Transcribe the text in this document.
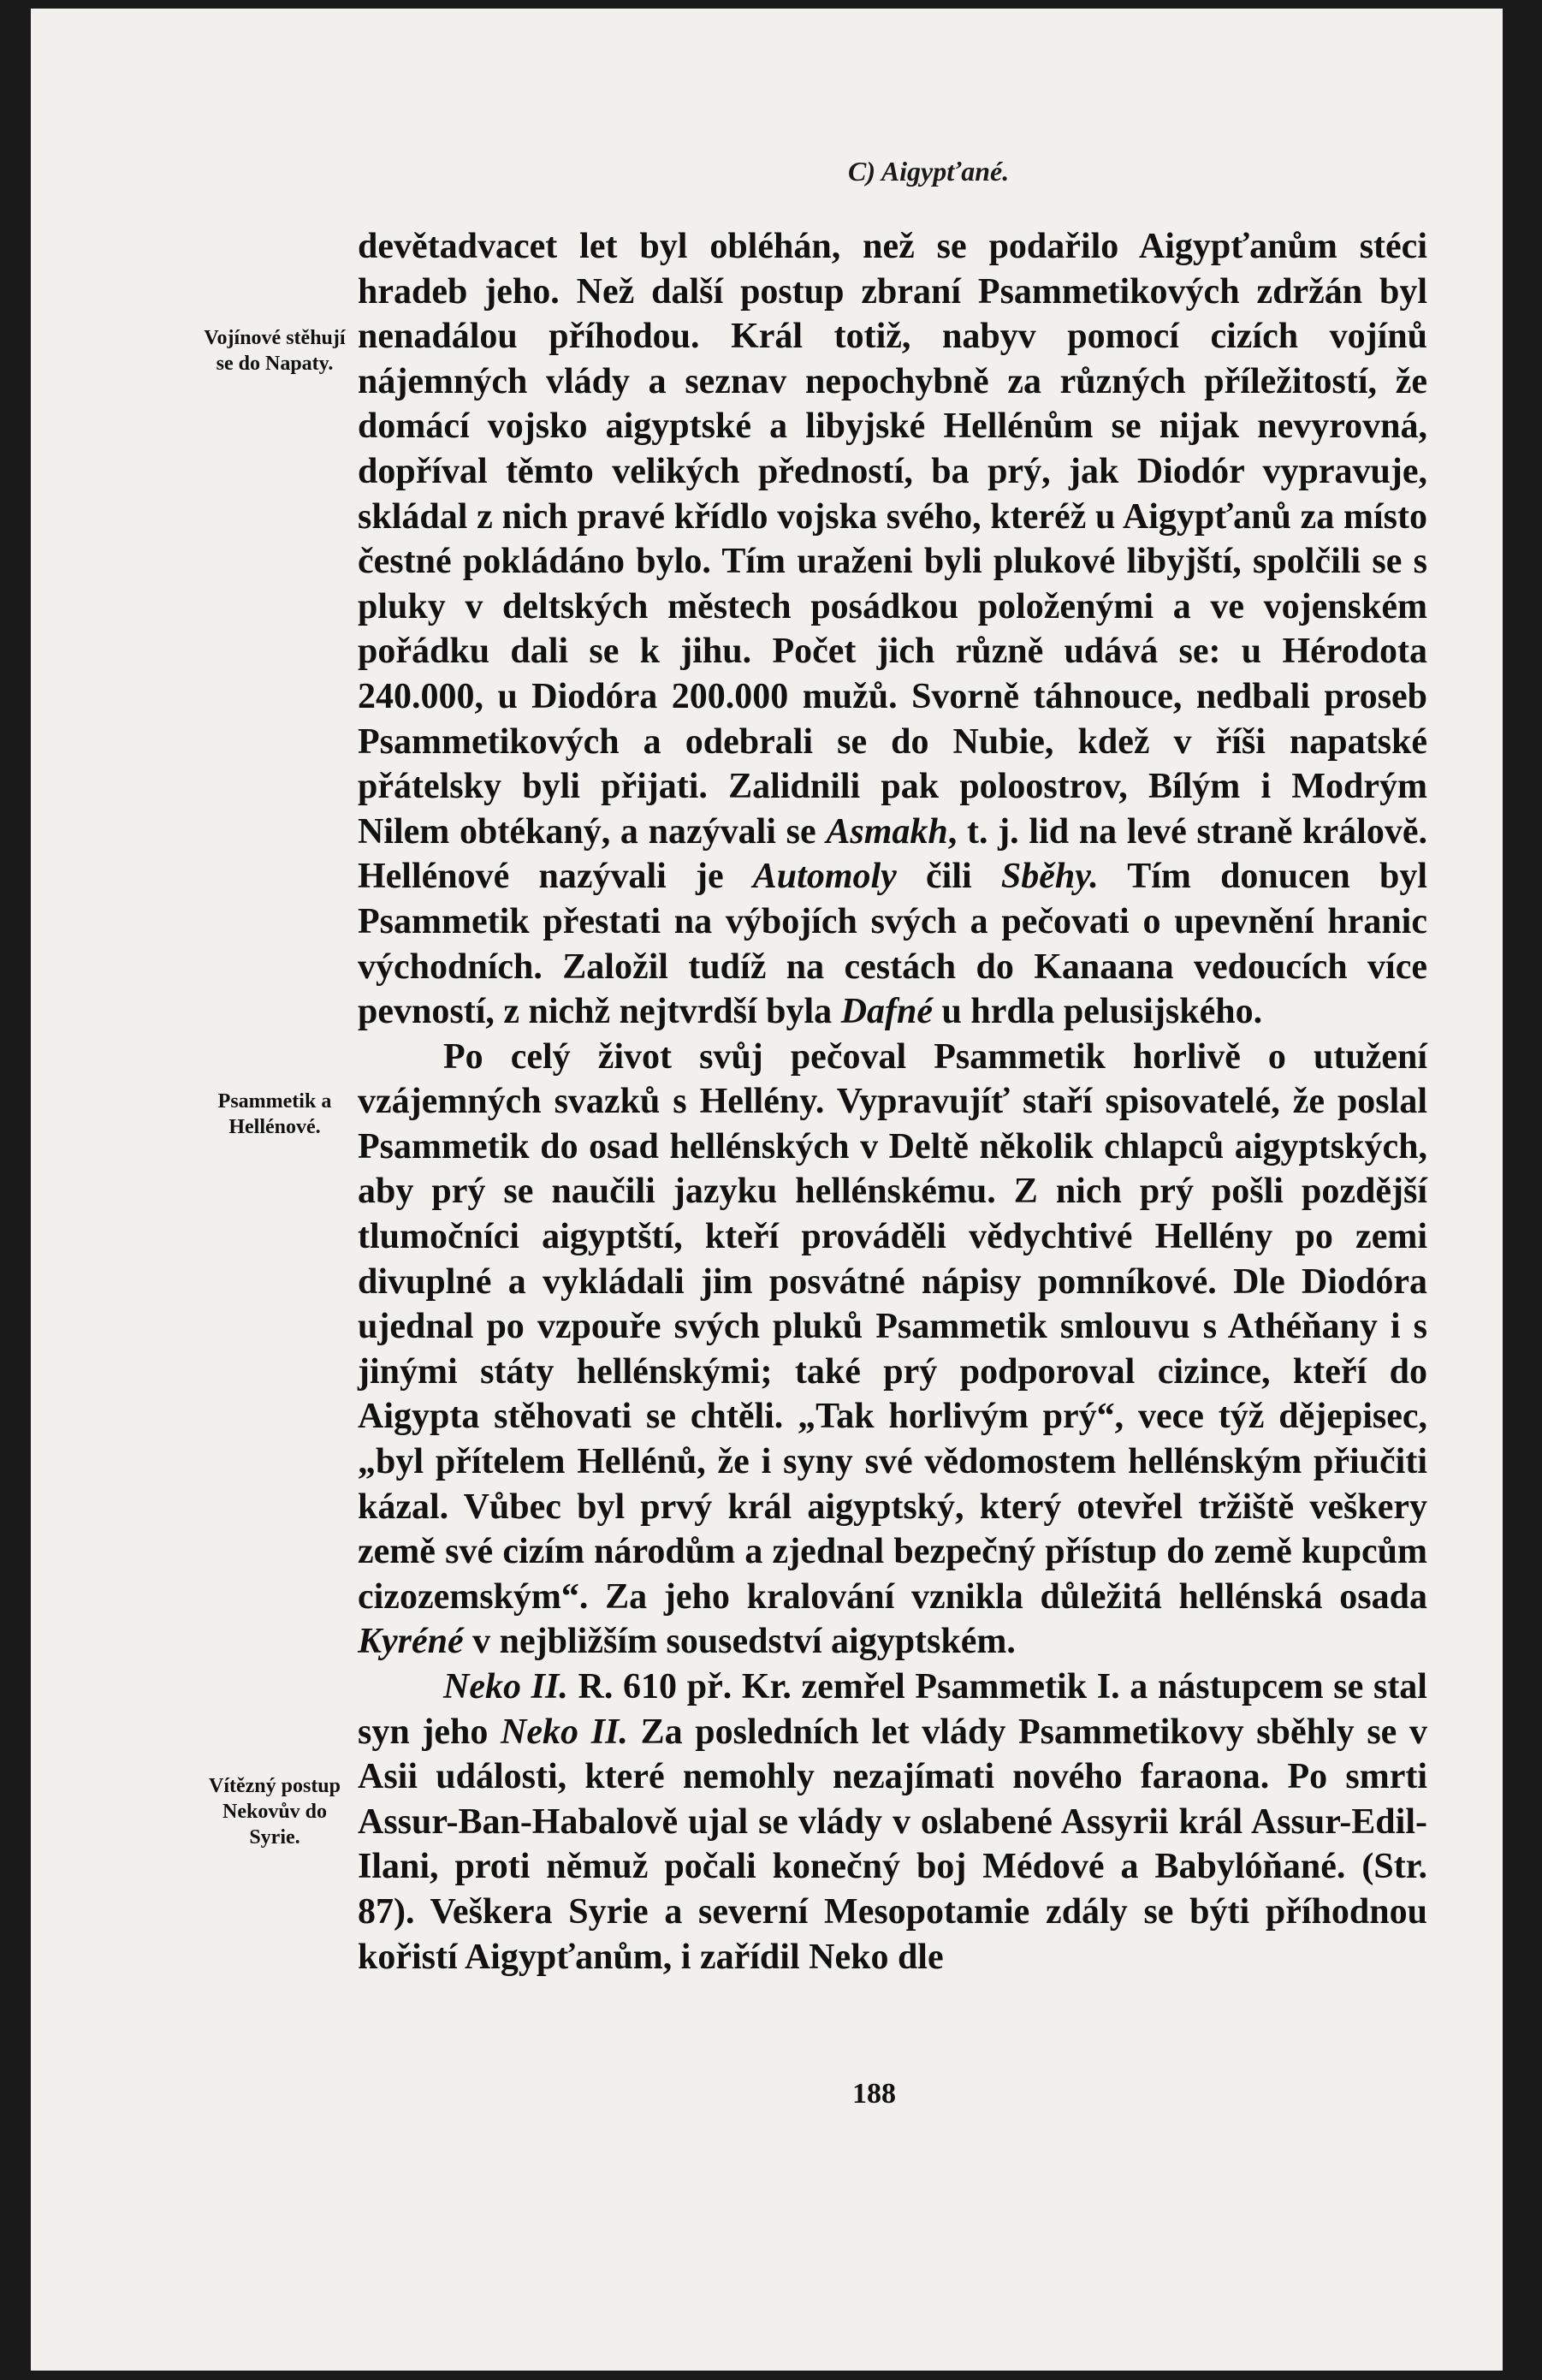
C) Aigypťané.
Vojínové stěhují se do Napaty.
Psammetik a Hellénové.
Vítězný postup Nekovův do Syrie.

devětadvacet let byl obléhán, než se podařilo Aigypťanům stéci hradeb jeho. Než další postup zbraní Psammetikových zdržán byl nenadálou příhodou. Král totiž, nabyv pomocí cizích vojínů nájemných vlády a seznav nepochybně za různých příležitostí, že domácí vojsko aigyptské a libyjské Hellénům se nijak nevyrovná, dopříval těmto velikých předností, ba prý, jak Diodór vypravuje, skládal z nich pravé křídlo vojska svého, kteréž u Aigypťanů za místo čestné pokládáno bylo. Tím uraženi byli plukové libyjští, spolčili se s pluky v deltských městech posádkou položenými a ve vojenském pořádku dali se k jihu. Počet jich různě udává se: u Hérodota 240.000, u Diodóra 200.000 mužů. Svorně táhnouce, nedbali proseb Psammetikových a odebrali se do Nubie, kdež v říši napatské přátelsky byli přijati. Zalidnili pak poloostrov, Bílým i Modrým Nilem obtékaný, a nazývali se Asmakh, t. j. lid na levé straně královĕ. Hellénové nazývali je Automoly čili Sběhy. Tím donucen byl Psammetik přestati na výbojích svých a pečovati o upevnění hranic východních. Založil tudíž na cestách do Kanaana vedoucích více pevností, z nichž nejtvrdší byla Dafné u hrdla pelusijského.

Po celý život svůj pečoval Psammetik horlivě o utužení vzájemných svazků s Hellény. Vypravujíť staří spisovatelé, že poslal Psammetik do osad hellénských v Deltě několik chlapců aigyptských, aby prý se naučili jazyku hellénskému. Z nich prý pošli pozdější tlumočníci aigyptští, kteří prováděli vědychtivé Hellény po zemi divuplné a vykládali jim posvátné nápisy pomníkové. Dle Diodóra ujednal po vzpouře svých pluků Psammetik smlouvu s Athéňany i s jinými státy hellénskými; také prý podporoval cizince, kteří do Aigypta stěhovati se chtěli. „Tak horlivým prý“, vece týž dějepisec, „byl přítelem Hellénů, že i syny své vědomostem hellénským přiučiti kázal. Vůbec byl prvý král aigyptský, který otevřel tržiště veškery země své cizím národům a zjednal bezpečný přístup do země kupcům cizozemským“. Za jeho kralování vznikla důležitá hellénská osada Kyréné v nejbližším sousedství aigyptském.

Neko II. R. 610 př. Kr. zemřel Psammetik I. a nástupcem se stal syn jeho Neko II. Za posledních let vlády Psammetikovy sběhly se v Asii události, které nemohly nezajímati nového faraona. Po smrti Assur-Ban-Habalově ujal se vlády v oslabené Assyrii král Assur-Edil-Ilani, proti němuž počali konečný boj Médové a Babylóňané. (Str. 87). Veškera Syrie a severní Mesopotamie zdály se býti příhodnou kořistí Aigypťanům, i zařídil Neko dle

188
